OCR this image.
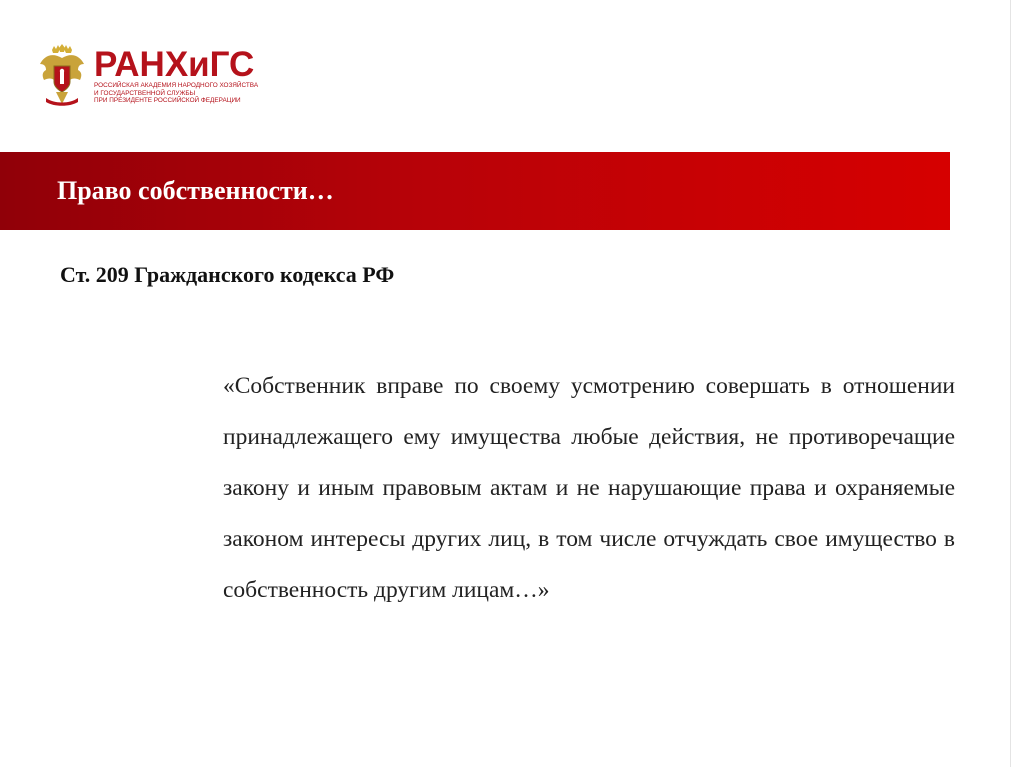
РАНХиГС
РОССИЙСКАЯ АКАДЕМИЯ НАРОДНОГО ХОЗЯЙСТВА
И ГОСУДАРСТВЕННОЙ СЛУЖБЫ
ПРИ ПРЕЗИДЕНТЕ РОССИЙСКОЙ ФЕДЕРАЦИИ
Право собственности…
Ст. 209 Гражданского кодекса РФ

«Собственник вправе по своему усмотрению совершать в отношении принадлежащего ему имущества любые действия, не противоречащие закону и иным правовым актам и не нарушающие права и охраняемые законом интересы других лиц, в том числе отчуждать свое имущество в собственность другим лицам…»
